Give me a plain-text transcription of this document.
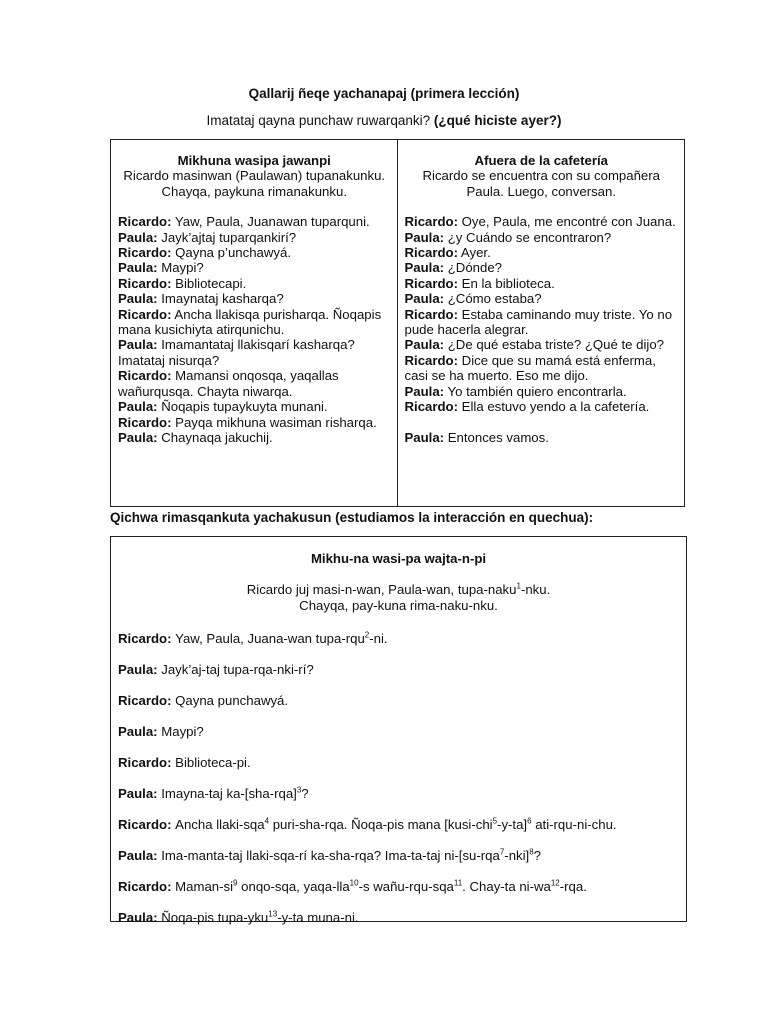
Qallarij ñeqe yachanapaj (primera lección)
Imatataj qayna punchaw ruwarqanki? (¿qué hiciste ayer?)
Mikhuna wasipa jawanpi
Ricardo masinwan (Paulawan) tupanakunku. Chayqa, paykuna rimanakunku.
Ricardo: Yaw, Paula, Juanawan tuparquni.
Paula: Jayk’ajtaj tuparqankirí?
Ricardo: Qayna p’unchawyá.
Paula: Maypi?
Ricardo: Bibliotecapi.
Paula: Imaynataj kasharqa?
Ricardo: Ancha llakisqa purisharqa. Ñoqapis mana kusichiyta atirqunichu.
Paula: Imamantataj llakisqarí kasharqa? Imatataj nisurqa?
Ricardo: Mamansi onqosqa, yaqallas wañurqusqa. Chayta niwarqa.
Paula: Ñoqapis tupaykuyta munani.
Ricardo: Payqa mikhuna wasiman risharqa.
Paula: Chaynaqa jakuchij.
Afuera de la cafetería
Ricardo se encuentra con su compañera Paula. Luego, conversan.
Ricardo: Oye, Paula, me encontré con Juana.
Paula: ¿y Cuándo se encontraron?
Ricardo: Ayer.
Paula: ¿Dónde?
Ricardo: En la biblioteca.
Paula: ¿Cómo estaba?
Ricardo: Estaba caminando muy triste. Yo no pude hacerla alegrar.
Paula: ¿De qué estaba triste? ¿Qué te dijo?
Ricardo: Dice que su mamá está enferma, casi se ha muerto. Eso me dijo.
Paula: Yo también quiero encontrarla.
Ricardo: Ella estuvo yendo a la cafetería.
Paula: Entonces vamos.
Qichwa rimasqankuta yachakusun (estudiamos la interacción en quechua):
Mikhu-na wasi-pa wajta-n-pi
Ricardo juj masi-n-wan, Paula-wan, tupa-naku$^1$-nku.
Chayqa, pay-kuna rima-naku-nku.
Ricardo: Yaw, Paula, Juana-wan tupa-rqu$^2$-ni.
Paula: Jayk’aj-taj tupa-rqa-nki-rí?
Ricardo: Qayna punchawyá.
Paula: Maypi?
Ricardo: Biblioteca-pi.
Paula: Imayna-taj $ka-[sha-rqa]^3$?
Ricardo: Ancha llaki-sqa$^4$ puri-sha-rqa. Ñoqa-pis mana [kusi-chi$^5$-y-ta]$^6$ ati-rqu-ni-chu.
Paula: Ima-manta-taj llaki-sqa-rí ka-sha-rqa? Ima-ta-taj $ni-[su-rqa^7-nki]^8$?
Ricardo: Maman-$si^9$ onqo-sqa, yaqa-lla$^{10}$-s wañu-rqu-sqa$^{11}$. Chay-ta $ni-wa^{12}$-rqa.
Paula: Ñoqa-pis tupa-yku$^{13}$-y-ta muna-ni.
